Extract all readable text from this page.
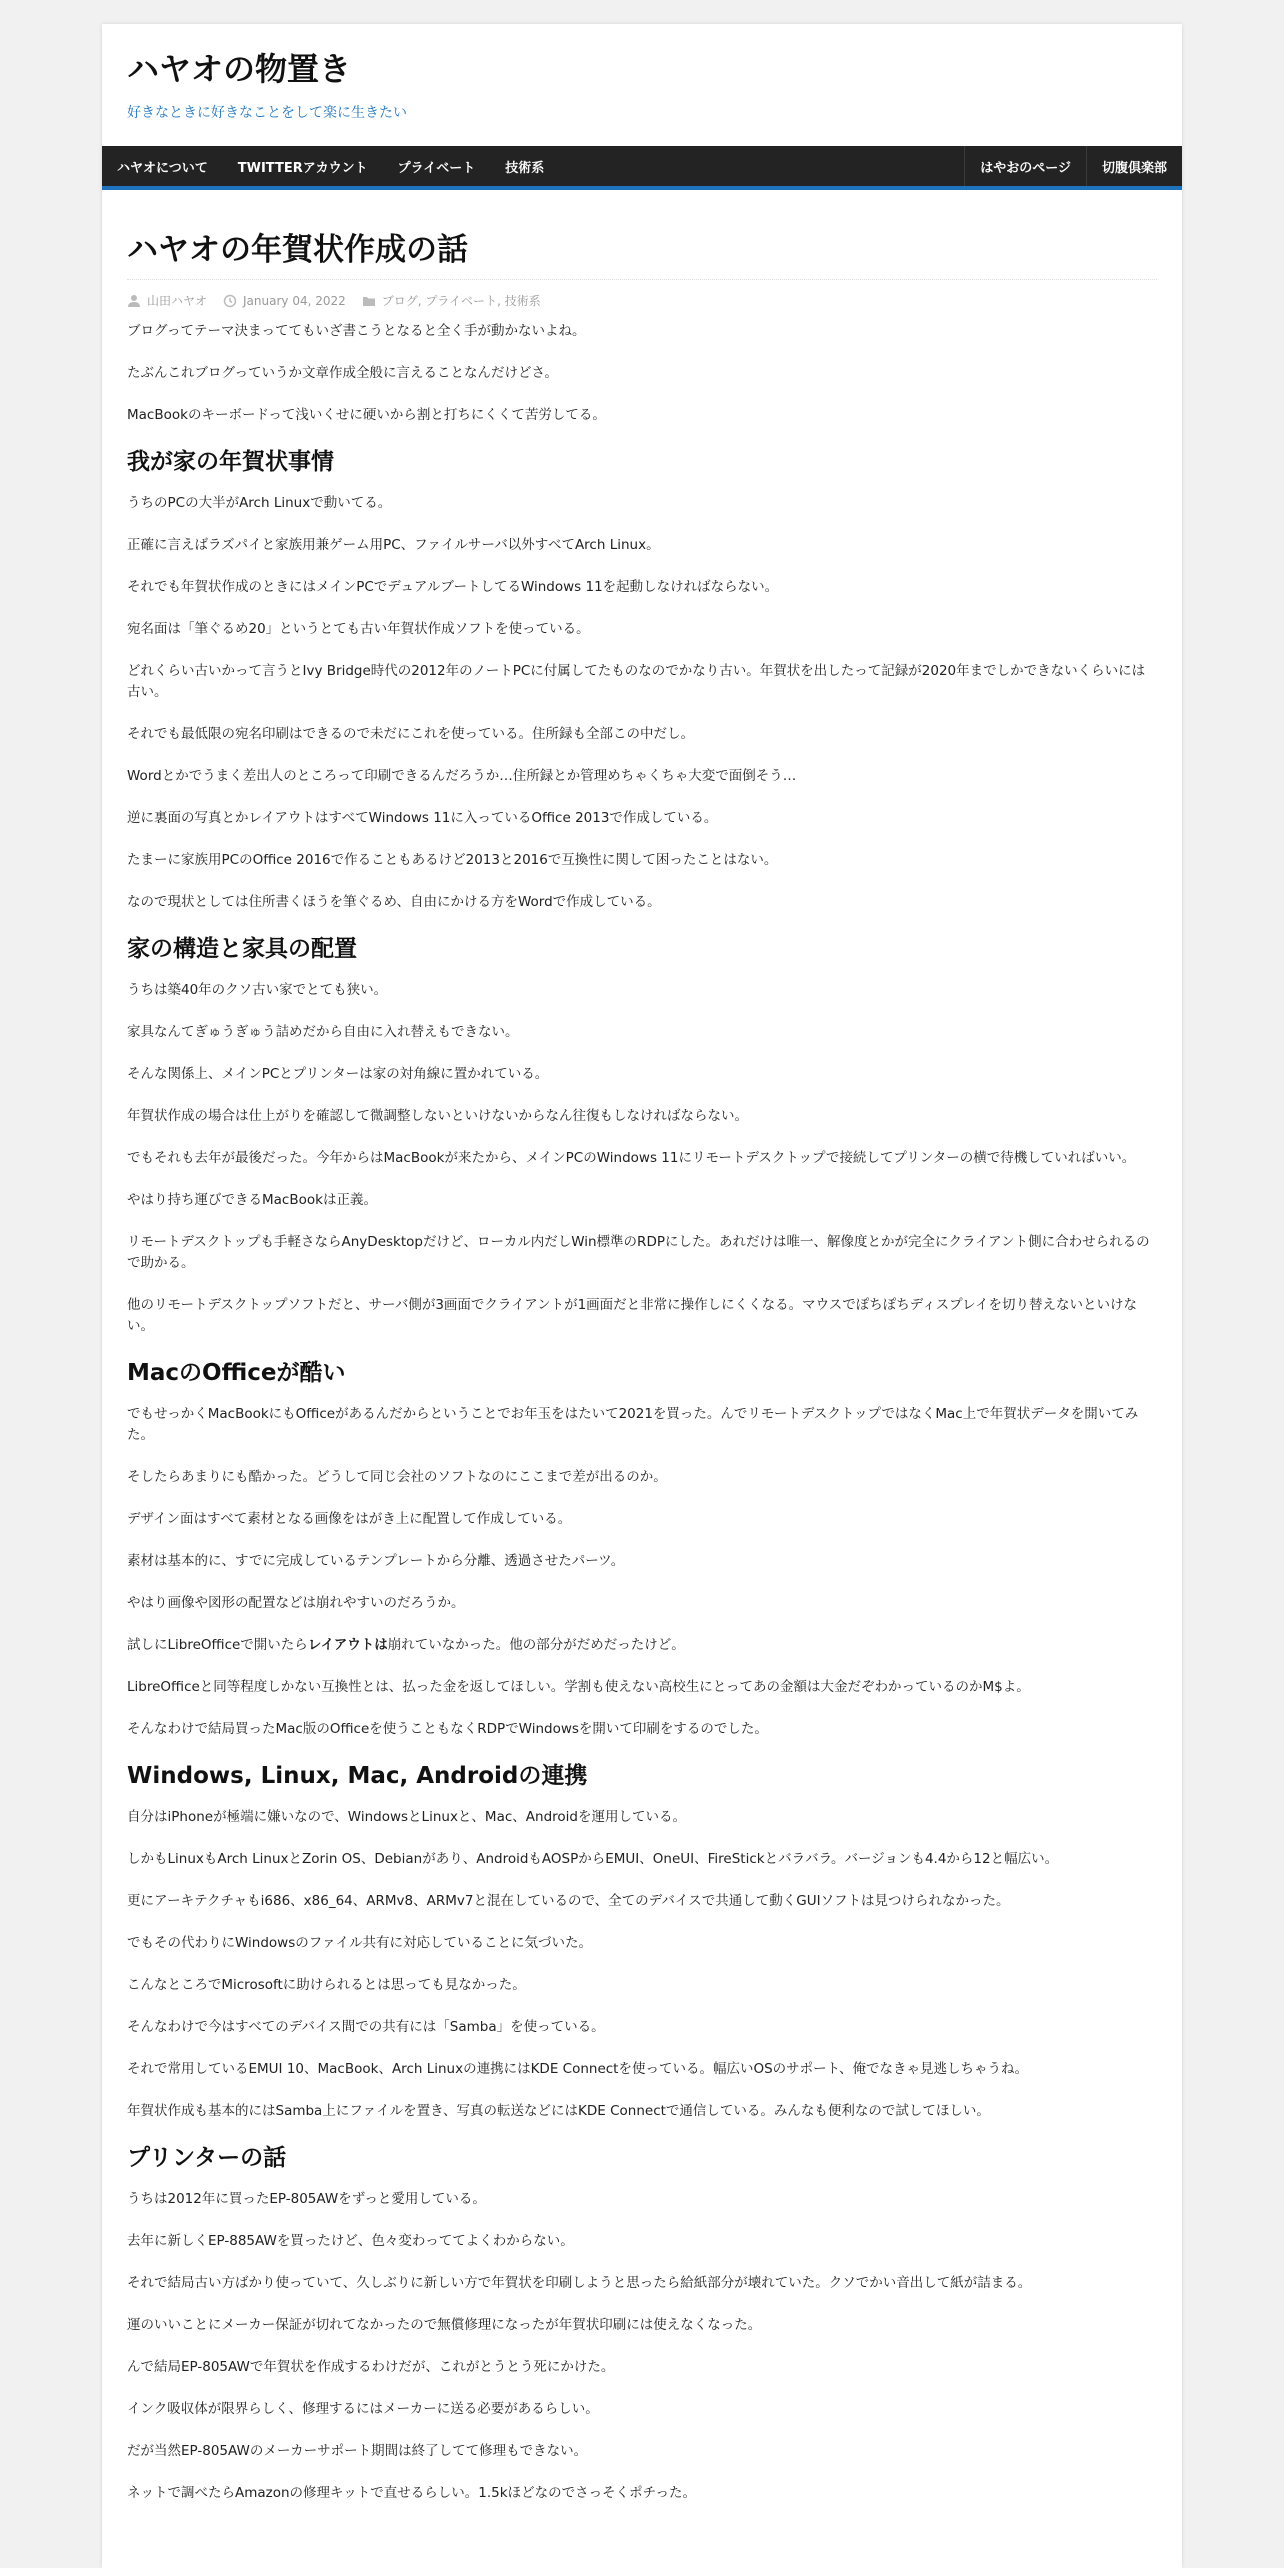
ハヤオの物置き
好きなときに好きなことをして楽に生きたい
ハヤオについて	TWITTERアカウント	プライベート	技術系	はやおのページ	切腹倶楽部
ハヤオの年賀状作成の話
山田ハヤオ	January 04, 2022	ブログ, プライベート, 技術系

ブログってテーマ決まっててもいざ書こうとなると全く手が動かないよね。

たぶんこれブログっていうか文章作成全般に言えることなんだけどさ。

MacBookのキーボードって浅いくせに硬いから割と打ちにくくて苦労してる。

我が家の年賀状事情

うちのPCの大半がArch Linuxで動いてる。

正確に言えばラズパイと家族用兼ゲーム用PC、ファイルサーバ以外すべてArch Linux。

それでも年賀状作成のときにはメインPCでデュアルブートしてるWindows 11を起動しなければならない。

宛名面は「筆ぐるめ20」というとても古い年賀状作成ソフトを使っている。

どれくらい古いかって言うとIvy Bridge時代の2012年のノートPCに付属してたものなのでかなり古い。年賀状を出したって記録が2020年までしかできないくらいには古い。

それでも最低限の宛名印刷はできるので未だにこれを使っている。住所録も全部この中だし。

Wordとかでうまく差出人のところって印刷できるんだろうか…住所録とか管理めちゃくちゃ大変で面倒そう…

逆に裏面の写真とかレイアウトはすべてWindows 11に入っているOffice 2013で作成している。

たまーに家族用PCのOffice 2016で作ることもあるけど2013と2016で互換性に関して困ったことはない。

なので現状としては住所書くほうを筆ぐるめ、自由にかける方をWordで作成している。

家の構造と家具の配置

うちは築40年のクソ古い家でとても狭い。

家具なんてぎゅうぎゅう詰めだから自由に入れ替えもできない。

そんな関係上、メインPCとプリンターは家の対角線に置かれている。

年賀状作成の場合は仕上がりを確認して微調整しないといけないからなん往復もしなければならない。

でもそれも去年が最後だった。今年からはMacBookが来たから、メインPCのWindows 11にリモートデスクトップで接続してプリンターの横で待機していればいい。

やはり持ち運びできるMacBookは正義。

リモートデスクトップも手軽さならAnyDesktopだけど、ローカル内だしWin標準のRDPにした。あれだけは唯一、解像度とかが完全にクライアント側に合わせられるので助かる。

他のリモートデスクトップソフトだと、サーバ側が3画面でクライアントが1画面だと非常に操作しにくくなる。マウスでぽちぽちディスプレイを切り替えないといけない。

MacのOfficeが酷い

でもせっかくMacBookにもOfficeがあるんだからということでお年玉をはたいて2021を買った。んでリモートデスクトップではなくMac上で年賀状データを開いてみた。

そしたらあまりにも酷かった。どうして同じ会社のソフトなのにここまで差が出るのか。

デザイン面はすべて素材となる画像をはがき上に配置して作成している。

素材は基本的に、すでに完成しているテンプレートから分離、透過させたパーツ。

やはり画像や図形の配置などは崩れやすいのだろうか。

試しにLibreOfficeで開いたらレイアウトは崩れていなかった。他の部分がだめだったけど。

LibreOfficeと同等程度しかない互換性とは、払った金を返してほしい。学割も使えない高校生にとってあの金額は大金だぞわかっているのかM$よ。

そんなわけで結局買ったMac版のOfficeを使うこともなくRDPでWindowsを開いて印刷をするのでした。

Windows, Linux, Mac, Androidの連携

自分はiPhoneが極端に嫌いなので、WindowsとLinuxと、Mac、Androidを運用している。

しかもLinuxもArch LinuxとZorin OS、Debianがあり、AndroidもAOSPからEMUI、OneUI、FireStickとバラバラ。バージョンも4.4から12と幅広い。

更にアーキテクチャもi686、x86_64、ARMv8、ARMv7と混在しているので、全てのデバイスで共通して動くGUIソフトは見つけられなかった。

でもその代わりにWindowsのファイル共有に対応していることに気づいた。

こんなところでMicrosoftに助けられるとは思っても見なかった。

そんなわけで今はすべてのデバイス間での共有には「Samba」を使っている。

それで常用しているEMUI 10、MacBook、Arch Linuxの連携にはKDE Connectを使っている。幅広いOSのサポート、俺でなきゃ見逃しちゃうね。

年賀状作成も基本的にはSamba上にファイルを置き、写真の転送などにはKDE Connectで通信している。みんなも便利なので試してほしい。

プリンターの話

うちは2012年に買ったEP-805AWをずっと愛用している。

去年に新しくEP-885AWを買ったけど、色々変わっててよくわからない。

それで結局古い方ばかり使っていて、久しぶりに新しい方で年賀状を印刷しようと思ったら給紙部分が壊れていた。クソでかい音出して紙が詰まる。

運のいいことにメーカー保証が切れてなかったので無償修理になったが年賀状印刷には使えなくなった。

んで結局EP-805AWで年賀状を作成するわけだが、これがとうとう死にかけた。

インク吸収体が限界らしく、修理するにはメーカーに送る必要があるらしい。

だが当然EP-805AWのメーカーサポート期間は終了してて修理もできない。

ネットで調べたらAmazonの修理キットで直せるらしい。1.5kほどなのでさっそくポチった。
